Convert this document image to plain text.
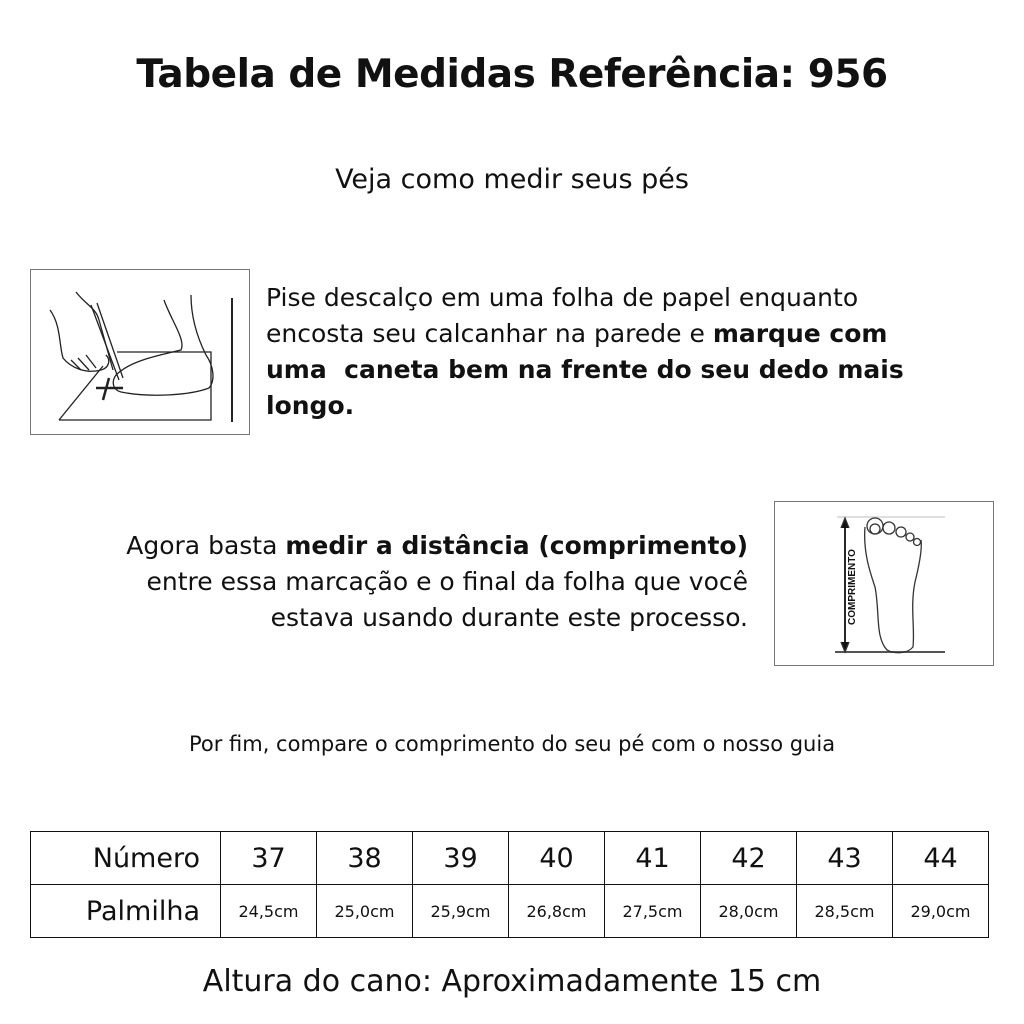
Tabela de Medidas Referência: 956
Veja como medir seus pés
Pise descalço em uma folha de papel enquanto
encosta seu calcanhar na parede e marque com
uma  caneta bem na frente do seu dedo mais
longo.
Agora basta medir a distância (comprimento)
entre essa marcação e o final da folha que você
estava usando durante este processo.	COMPRIMENTO
Por fim, compare o comprimento do seu pé com o nosso guia
Número	37	38	39	40	41	42	43	44
Palmilha	24,5cm	25,0cm	25,9cm	26,8cm	27,5cm	28,0cm	28,5cm	29,0cm
Altura do cano: Aproximadamente 15 cm
